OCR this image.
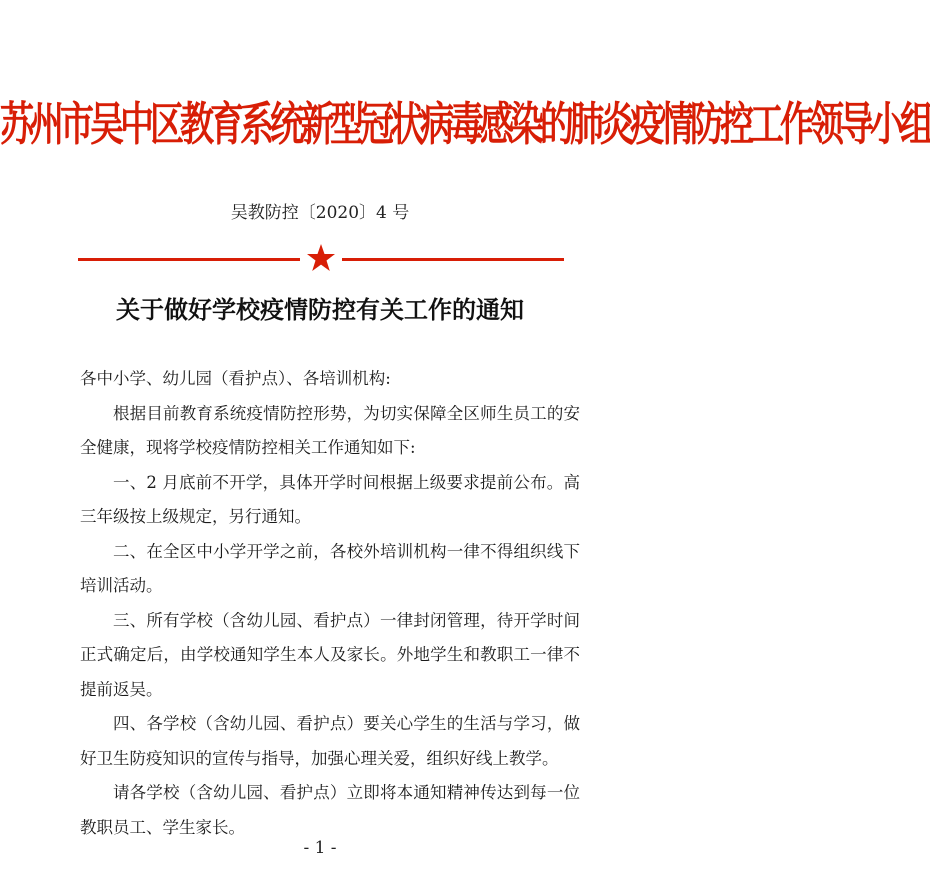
苏州市吴中区教育系统新型冠状病毒感染的肺炎疫情防控工作领导小组
吴教防控〔2020〕4 号
关于做好学校疫情防控有关工作的通知

各中小学、幼儿园（看护点）、各培训机构:

根据目前教育系统疫情防控形势，为切实保障全区师生员工的安全健康，现将学校疫情防控相关工作通知如下:

一、2 月底前不开学，具体开学时间根据上级要求提前公布。高三年级按上级规定，另行通知。

二、在全区中小学开学之前，各校外培训机构一律不得组织线下培训活动。

三、所有学校（含幼儿园、看护点）一律封闭管理，待开学时间正式确定后，由学校通知学生本人及家长。外地学生和教职工一律不提前返吴。

四、各学校（含幼儿园、看护点）要关心学生的生活与学习，做好卫生防疫知识的宣传与指导，加强心理关爱，组织好线上教学。

请各学校（含幼儿园、看护点）立即将本通知精神传达到每一位教职员工、学生家长。

- 1 -
